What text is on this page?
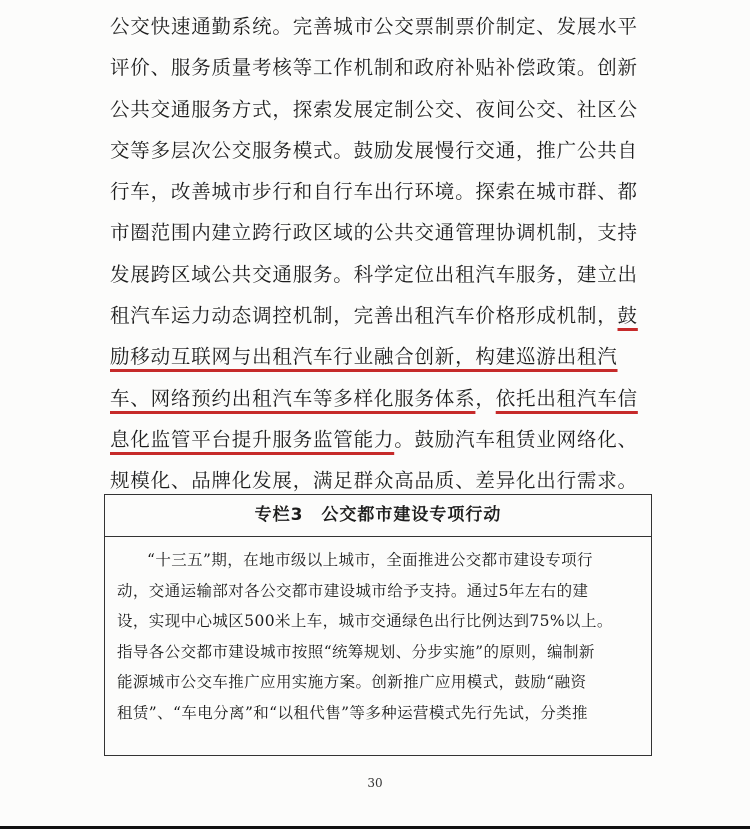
公交快速通勤系统。完善城市公交票制票价制定、发展水平
评价、服务质量考核等工作机制和政府补贴补偿政策。创新
公共交通服务方式，探索发展定制公交、夜间公交、社区公
交等多层次公交服务模式。鼓励发展慢行交通，推广公共自
行车，改善城市步行和自行车出行环境。探索在城市群、都
市圈范围内建立跨行政区域的公共交通管理协调机制，支持
发展跨区域公共交通服务。科学定位出租汽车服务，建立出
租汽车运力动态调控机制，完善出租汽车价格形成机制，鼓
励移动互联网与出租汽车行业融合创新，构建巡游出租汽
车、网络预约出租汽车等多样化服务体系，依托出租汽车信
息化监管平台提升服务监管能力。鼓励汽车租赁业网络化、
规模化、品牌化发展，满足群众高品质、差异化出行需求。
专栏3 公交都市建设专项行动
“十三五”期，在地市级以上城市，全面推进公交都市建设专项行
动，交通运输部对各公交都市建设城市给予支持。通过5年左右的建
设，实现中心城区500米上车，城市交通绿色出行比例达到75%以上。
指导各公交都市建设城市按照“统筹规划、分步实施”的原则，编制新
能源城市公交车推广应用实施方案。创新推广应用模式，鼓励“融资
租赁”、“车电分离”和“以租代售”等多种运营模式先行先试，分类推
30
